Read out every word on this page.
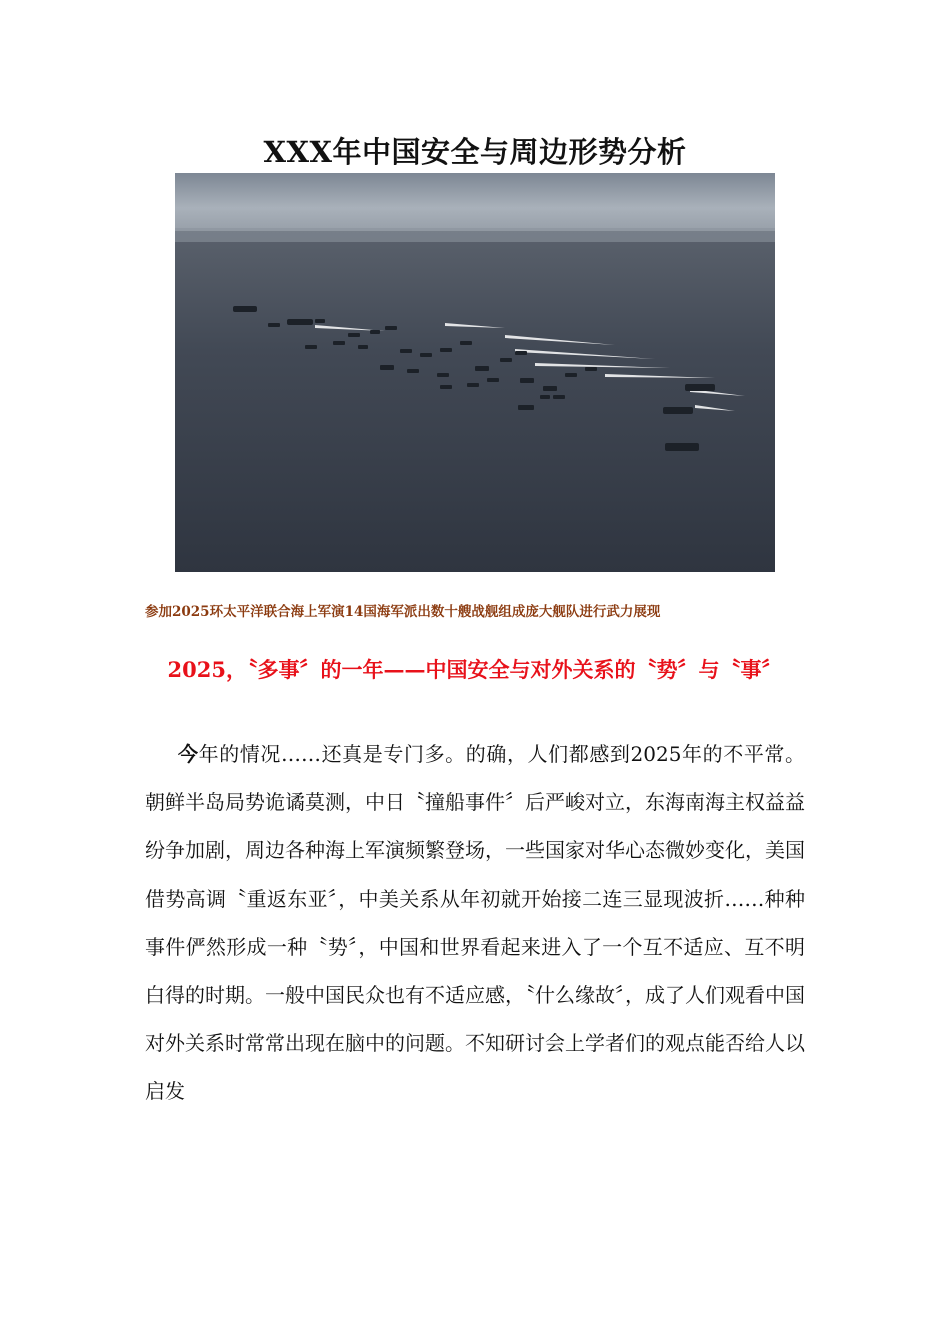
XXX年中国安全与周边形势分析
参加2025环太平洋联合海上军演14国海军派出数十艘战舰组成庞大舰队进行武力展现
2025，〝多事〞的一年——中国安全与对外关系的〝势〞与〝事〞

今年的情况……还真是专门多。的确，人们都感到2025年的不平常。朝鲜半岛局势诡谲莫测，中日〝撞船事件〞后严峻对立，东海南海主权益益纷争加剧，周边各种海上军演频繁登场，一些国家对华心态微妙变化，美国借势高调〝重返东亚〞，中美关系从年初就开始接二连三显现波折……种种事件俨然形成一种〝势〞，中国和世界看起来进入了一个互不适应、互不明白得的时期。一般中国民众也有不适应感，〝什么缘故〞，成了人们观看中国对外关系时常常出现在脑中的问题。不知研讨会上学者们的观点能否给人以启发
